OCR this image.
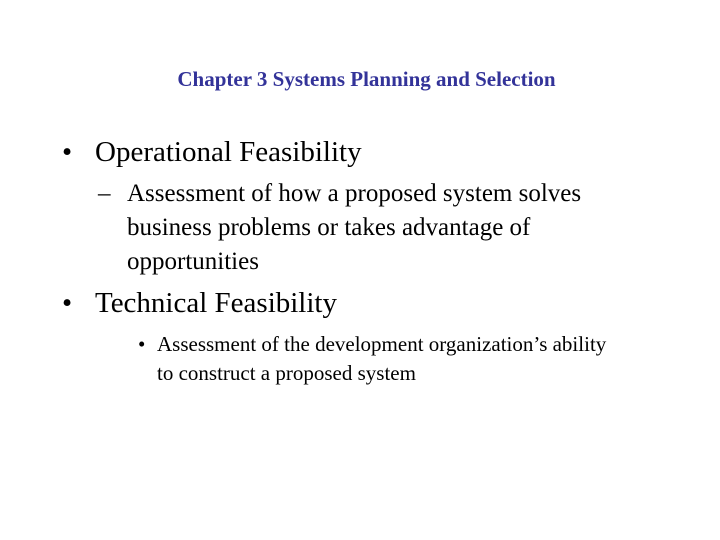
Chapter 3 Systems Planning and Selection
• Operational Feasibility
– Assessment of how a proposed system solves business problems or takes advantage of opportunities
• Technical Feasibility
• Assessment of the development organization’s ability to construct a proposed system
